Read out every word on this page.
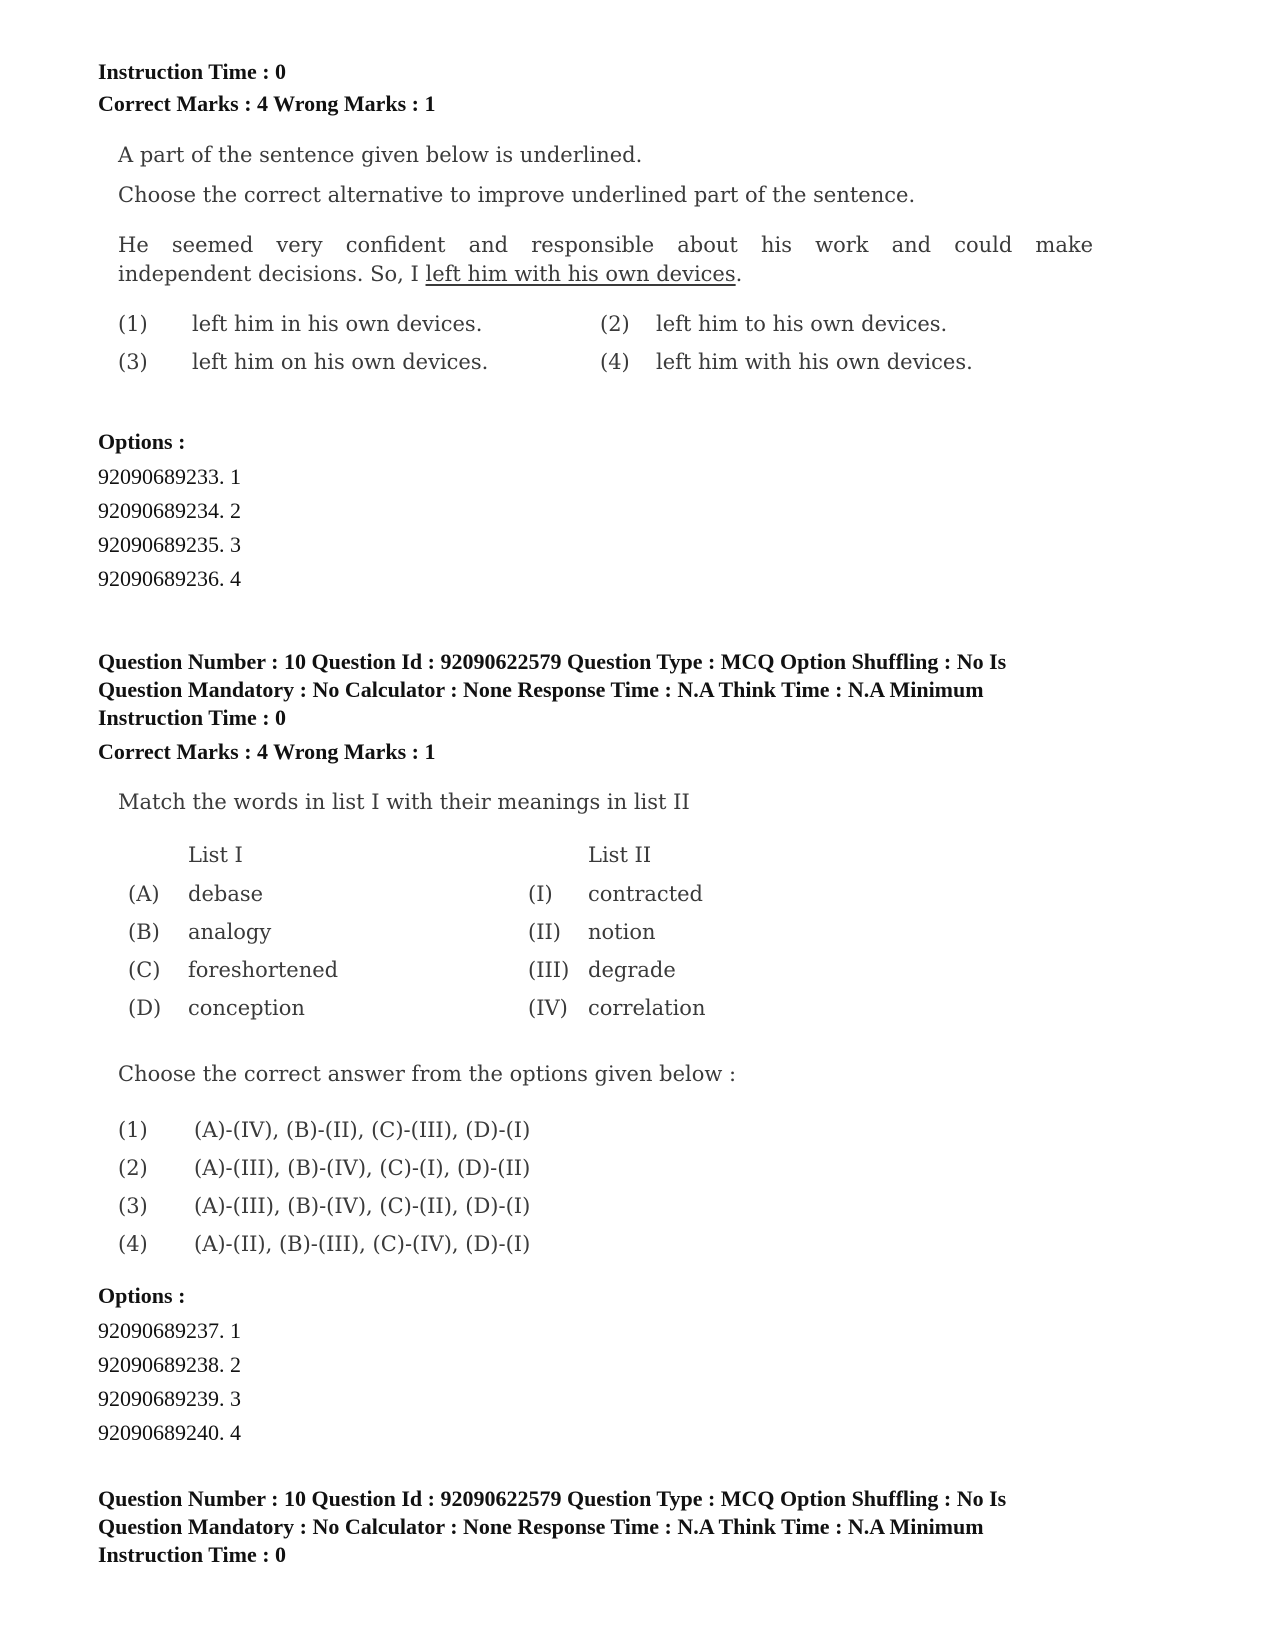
Instruction Time : 0
Correct Marks : 4 Wrong Marks : 1
A part of the sentence given below is underlined.
Choose the correct alternative to improve underlined part of the sentence.
He seemed very confident and responsible about his work and could make
independent decisions. So, I left him with his own devices.
(1) left him in his own devices.	(2) left him to his own devices.
(3) left him on his own devices.	(4) left him with his own devices.
Options :
92090689233. 1
92090689234. 2
92090689235. 3
92090689236. 4
Question Number : 10 Question Id : 92090622579 Question Type : MCQ Option Shuffling : No Is
Question Mandatory : No Calculator : None Response Time : N.A Think Time : N.A Minimum
Instruction Time : 0
Correct Marks : 4 Wrong Marks : 1
Match the words in list I with their meanings in list II
List I	List II
(A) debase	(I) contracted
(B) analogy	(II) notion
(C) foreshortened	(III) degrade
(D) conception	(IV) correlation
Choose the correct answer from the options given below :
(1) (A)-(IV), (B)-(II), (C)-(III), (D)-(I)
(2) (A)-(III), (B)-(IV), (C)-(I), (D)-(II)
(3) (A)-(III), (B)-(IV), (C)-(II), (D)-(I)
(4) (A)-(II), (B)-(III), (C)-(IV), (D)-(I)
Options :
92090689237. 1
92090689238. 2
92090689239. 3
92090689240. 4
Question Number : 10 Question Id : 92090622579 Question Type : MCQ Option Shuffling : No Is
Question Mandatory : No Calculator : None Response Time : N.A Think Time : N.A Minimum
Instruction Time : 0
